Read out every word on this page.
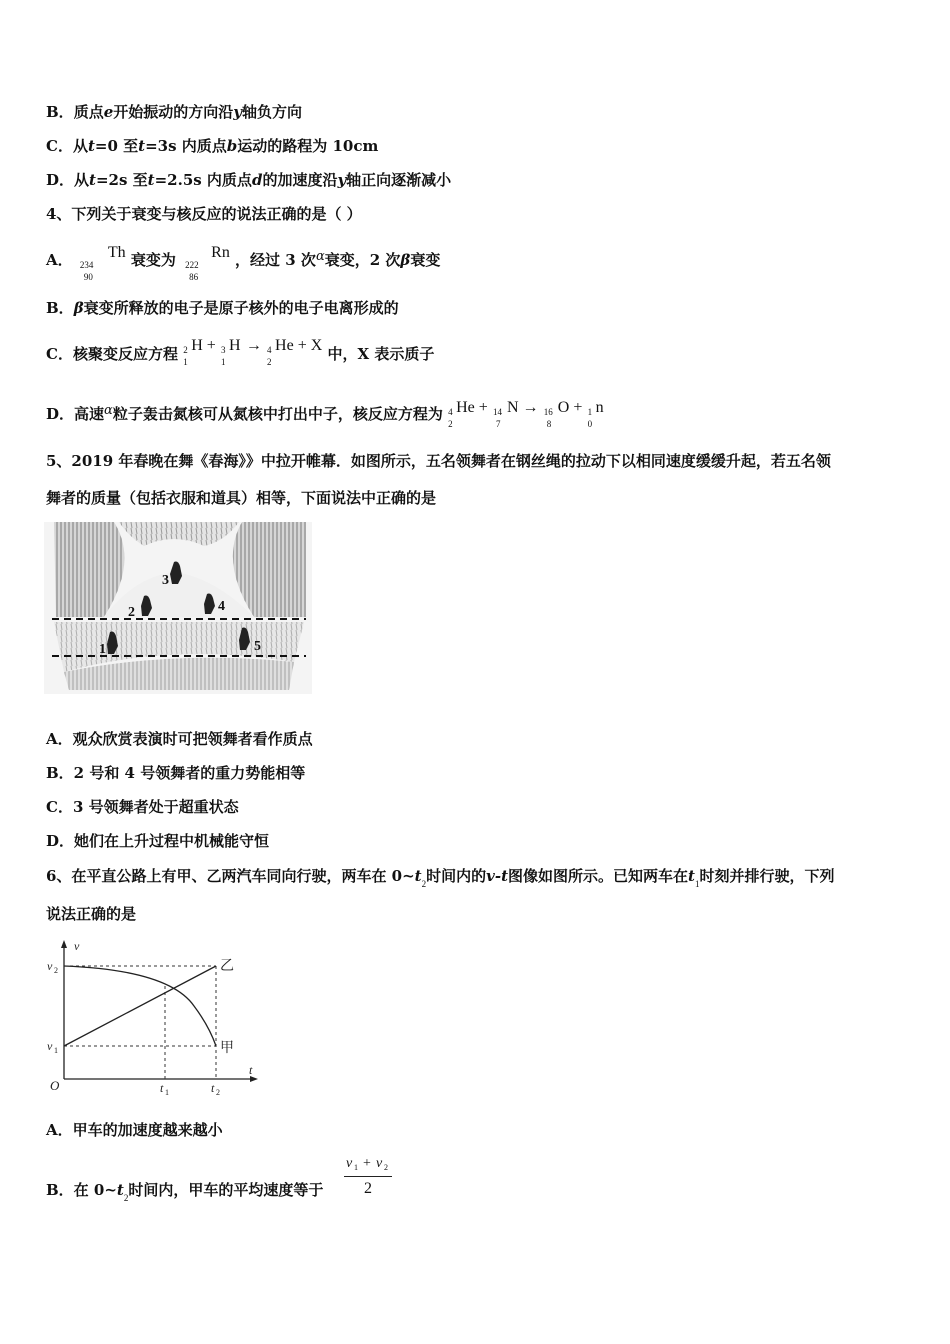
B．质点e开始振动的方向沿y轴负方向
C．从t=0 至t=3s 内质点b运动的路程为 10cm
D．从t=2s 至t=2.5s 内质点d的加速度沿y轴正向逐渐减小
4、下列关于衰变与核反应的说法正确的是（ ）
A． 234
90
Th 衰变为 222
86
Rn ，经过 3 次α衰变，2 次β衰变
B．β衰变所释放的电子是原子核外的电子电离形成的
C．核聚变反应方程 2
1
H + 3
1
H → 4
2
He + X 中，X 表示质子
D．高速α粒子轰击氮核可从氮核中打出中子，核反应方程为 4
2
He + 14
7
N → 16
8
O + 1
0
n
5、2019 年春晚在舞《春海》》中拉开帷幕．如图所示，五名领舞者在钢丝绳的拉动下以相同速度缓缓升起，若五名领
舞者的质量（包括衣服和道具）相等，下面说法中正确的是
3
2	4
1	5
A．观众欣赏表演时可把领舞者看作质点
B．2 号和 4 号领舞者的重力势能相等
C．3 号领舞者处于超重状态
D．她们在上升过程中机械能守恒
6、在平直公路上有甲、乙两汽车同向行驶，两车在 $0\sim t_2$时间内的v-t图像如图所示。已知两车在$t_1$时刻并排行驶，下列
说法正确的是
v
t
O
v 2
v 1
t 1	t 2
乙
甲
A．甲车的加速度越来越小
B．在 $0\sim t_2$时间内，甲车的平均速度等于
v 1 + v 2
2
